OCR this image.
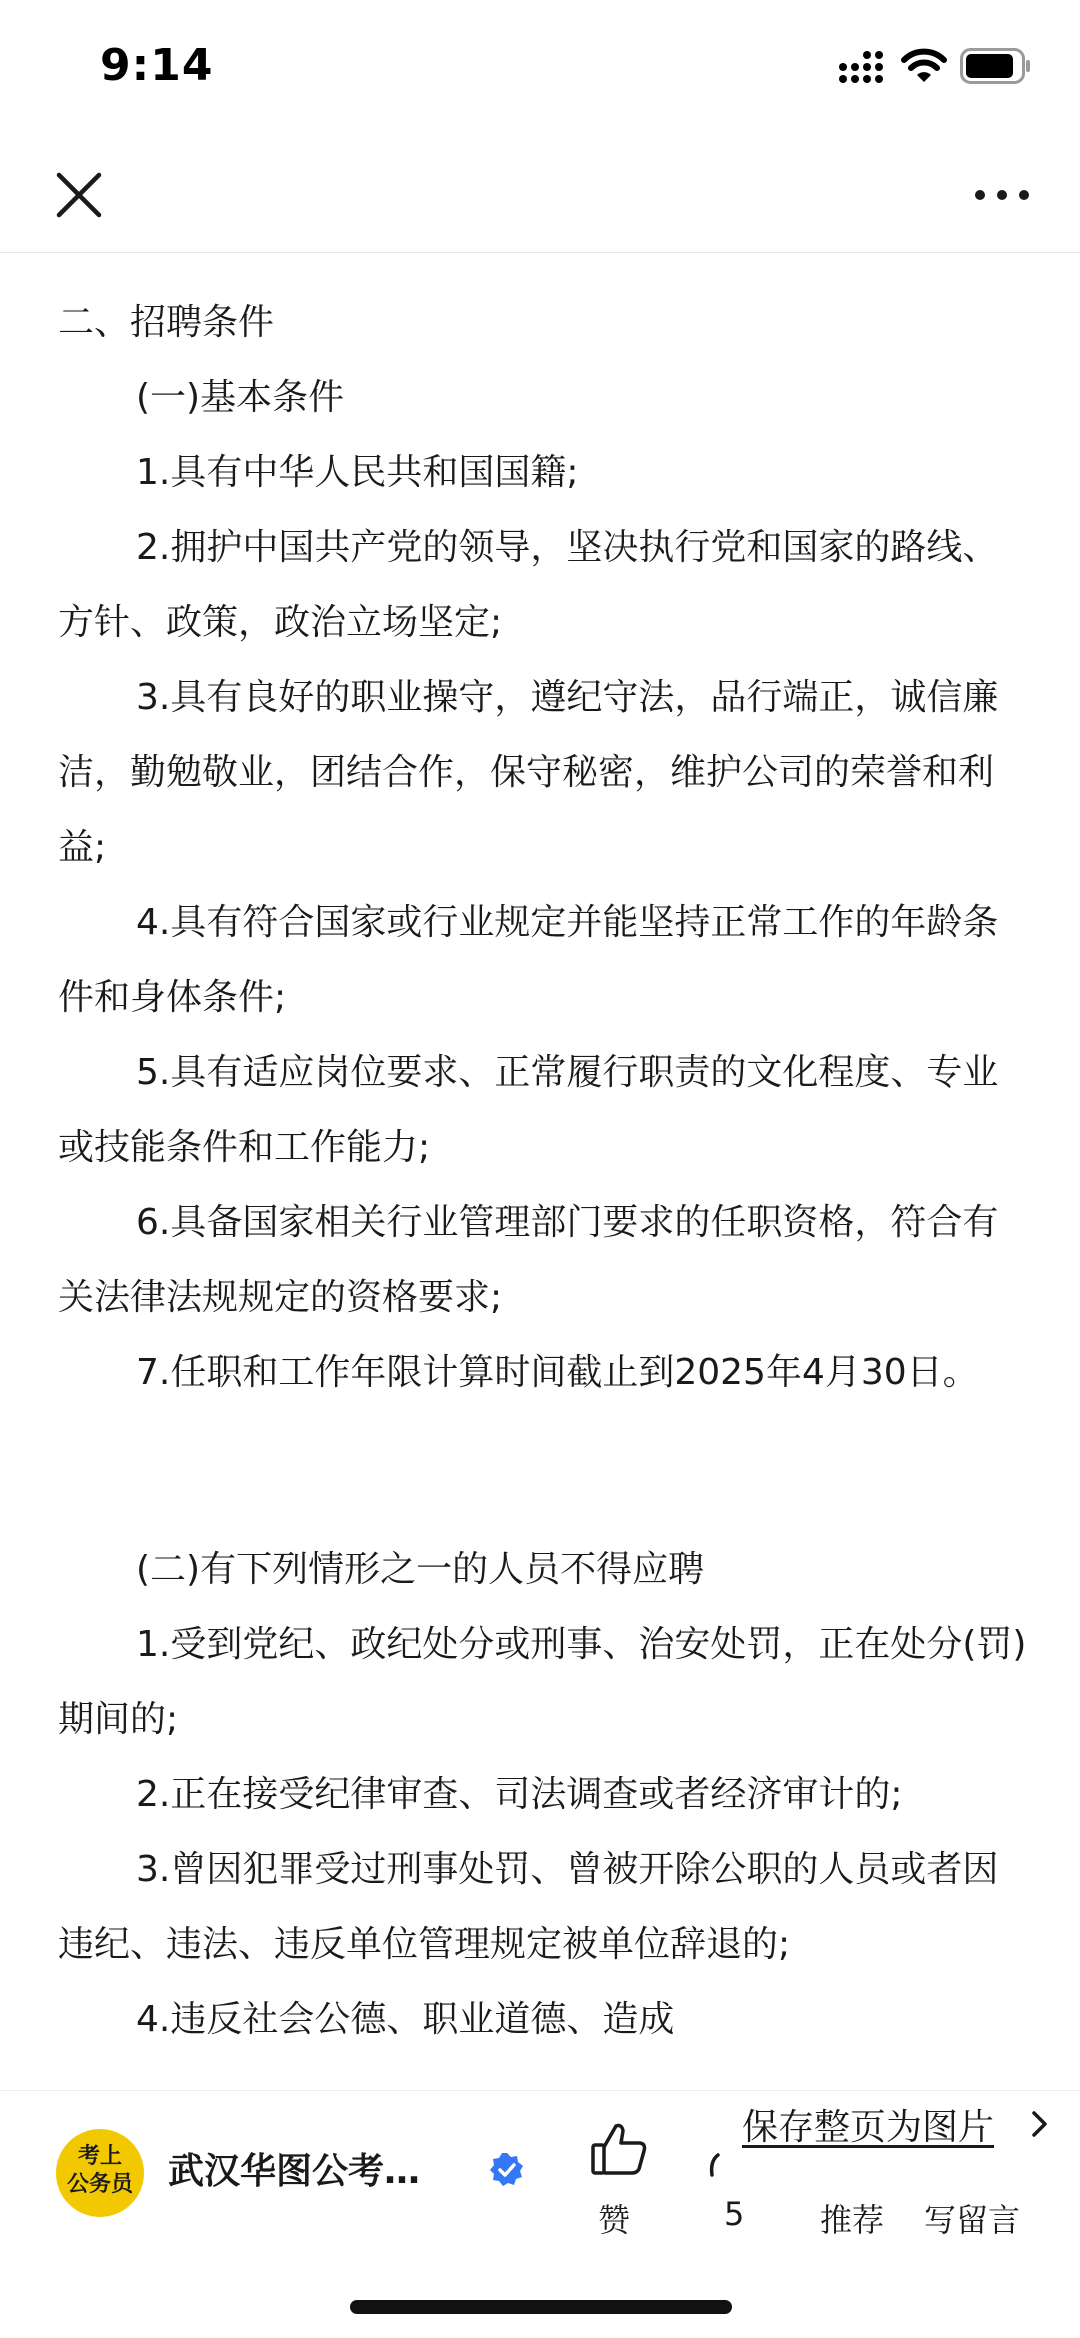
9:14

二、招聘条件

(一)基本条件

1.具有中华人民共和国国籍;

2.拥护中国共产党的领导，坚决执行党和国家的路线、方针、政策，政治立场坚定;

3.具有良好的职业操守，遵纪守法，品行端正，诚信廉洁，勤勉敬业，团结合作，保守秘密，维护公司的荣誉和利益;

4.具有符合国家或行业规定并能坚持正常工作的年龄条件和身体条件;

5.具有适应岗位要求、正常履行职责的文化程度、专业或技能条件和工作能力;

6.具备国家相关行业管理部门要求的任职资格，符合有关法律法规规定的资格要求;

7.任职和工作年限计算时间截止到2025年4月30日。

(二)有下列情形之一的人员不得应聘

1.受到党纪、政纪处分或刑事、治安处罚，正在处分(罚)期间的;

2.正在接受纪律审查、司法调查或者经济审计的;

3.曾因犯罪受过刑事处罚、曾被开除公职的人员或者因违纪、违法、违反单位管理规定被单位辞退的;

4.违反社会公德、职业道德、造成

保存整页为图片
考上
公务员 武汉华图公考…
赞	5 推荐 写留言
